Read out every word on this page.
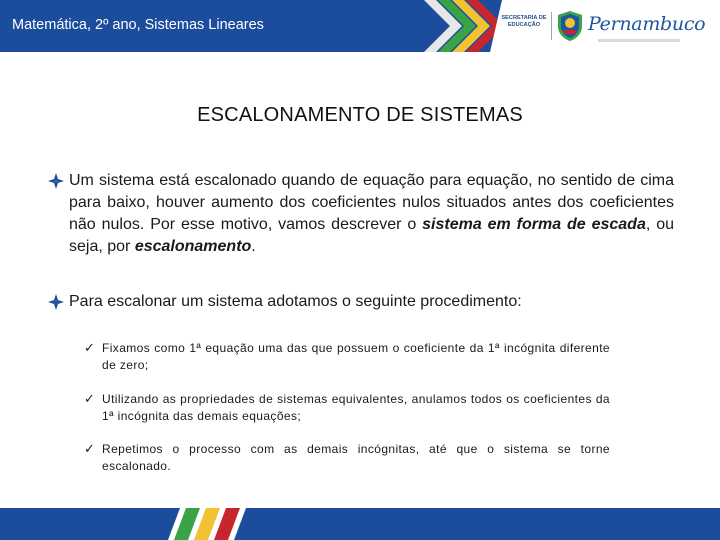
Matemática, 2º ano, Sistemas Lineares	SECRETARIA DE EDUCAÇÃO	Pernambuco
ESCALONAMENTO DE SISTEMAS
Um sistema está escalonado quando de equação para equação, no sentido de cima para baixo, houver aumento dos coeficientes nulos situados antes dos coeficientes não nulos. Por esse motivo, vamos descrever o sistema em forma de escada, ou seja, por escalonamento.
Para escalonar um sistema adotamos o seguinte procedimento:
✓ Fixamos como 1ª equação uma das que possuem o coeficiente da 1ª incógnita diferente de zero;
✓ Utilizando as propriedades de sistemas equivalentes, anulamos todos os coeficientes da 1ª incógnita das demais equações;
✓ Repetimos o processo com as demais incógnitas, até que o sistema se torne escalonado.
